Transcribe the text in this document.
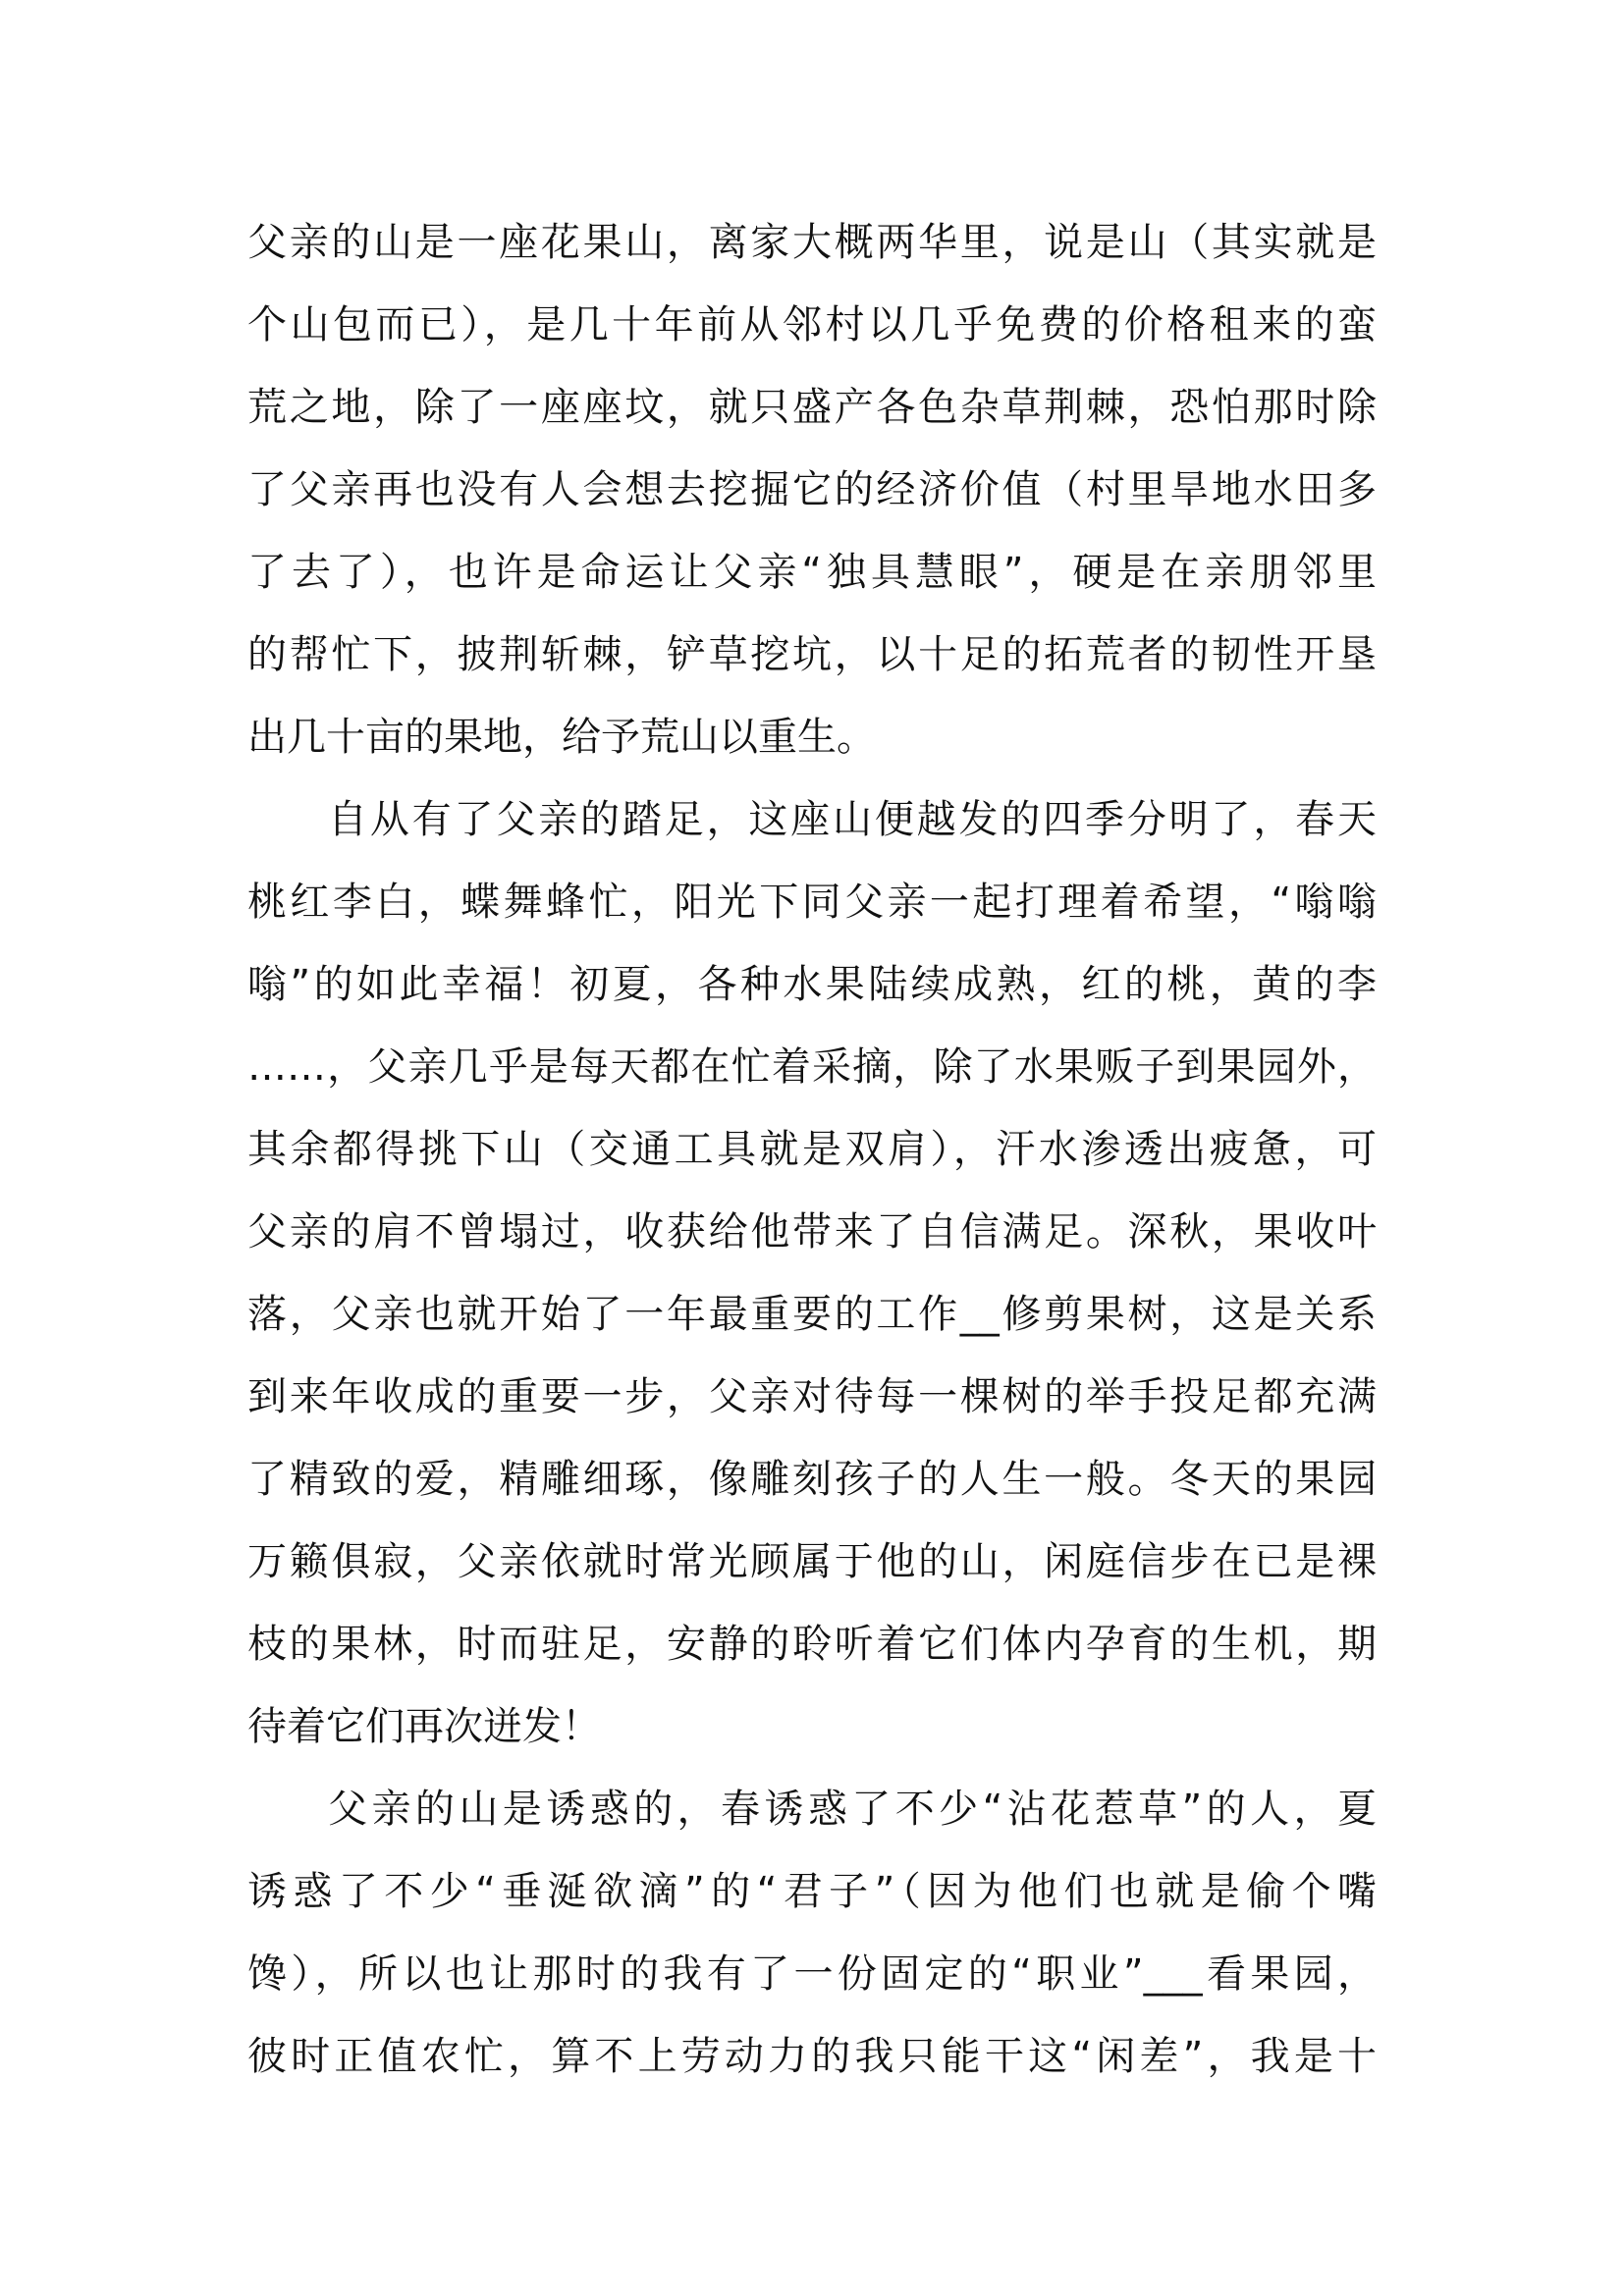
父亲的山是一座花果山，离家大概两华里，说是山（其实就是
个山包而已），是几十年前从邻村以几乎免费的价格租来的蛮
荒之地，除了一座座坟，就只盛产各色杂草荆棘，恐怕那时除
了父亲再也没有人会想去挖掘它的经济价值（村里旱地水田多
了去了），也许是命运让父亲“独具慧眼”，硬是在亲朋邻里
的帮忙下，披荆斩棘，铲草挖坑，以十足的拓荒者的韧性开垦
出几十亩的果地，给予荒山以重生。
自从有了父亲的踏足，这座山便越发的四季分明了，春天
桃红李白，蝶舞蜂忙，阳光下同父亲一起打理着希望，“嗡嗡
嗡”的如此幸福！初夏，各种水果陆续成熟，红的桃，黄的李
……，父亲几乎是每天都在忙着采摘，除了水果贩子到果园外，
其余都得挑下山（交通工具就是双肩），汗水渗透出疲惫，可
父亲的肩不曾塌过，收获给他带来了自信满足。深秋，果收叶
落，父亲也就开始了一年最重要的工作__修剪果树，这是关系
到来年收成的重要一步，父亲对待每一棵树的举手投足都充满
了精致的爱，精雕细琢，像雕刻孩子的人生一般。冬天的果园
万籁俱寂，父亲依就时常光顾属于他的山，闲庭信步在已是裸
枝的果林，时而驻足，安静的聆听着它们体内孕育的生机，期
待着它们再次迸发！
父亲的山是诱惑的，春诱惑了不少“沾花惹草”的人，夏
诱惑了不少“垂涎欲滴”的“君子”（因为他们也就是偷个嘴
馋），所以也让那时的我有了一份固定的“职业”___看果园，
彼时正值农忙，算不上劳动力的我只能干这“闲差”，我是十
